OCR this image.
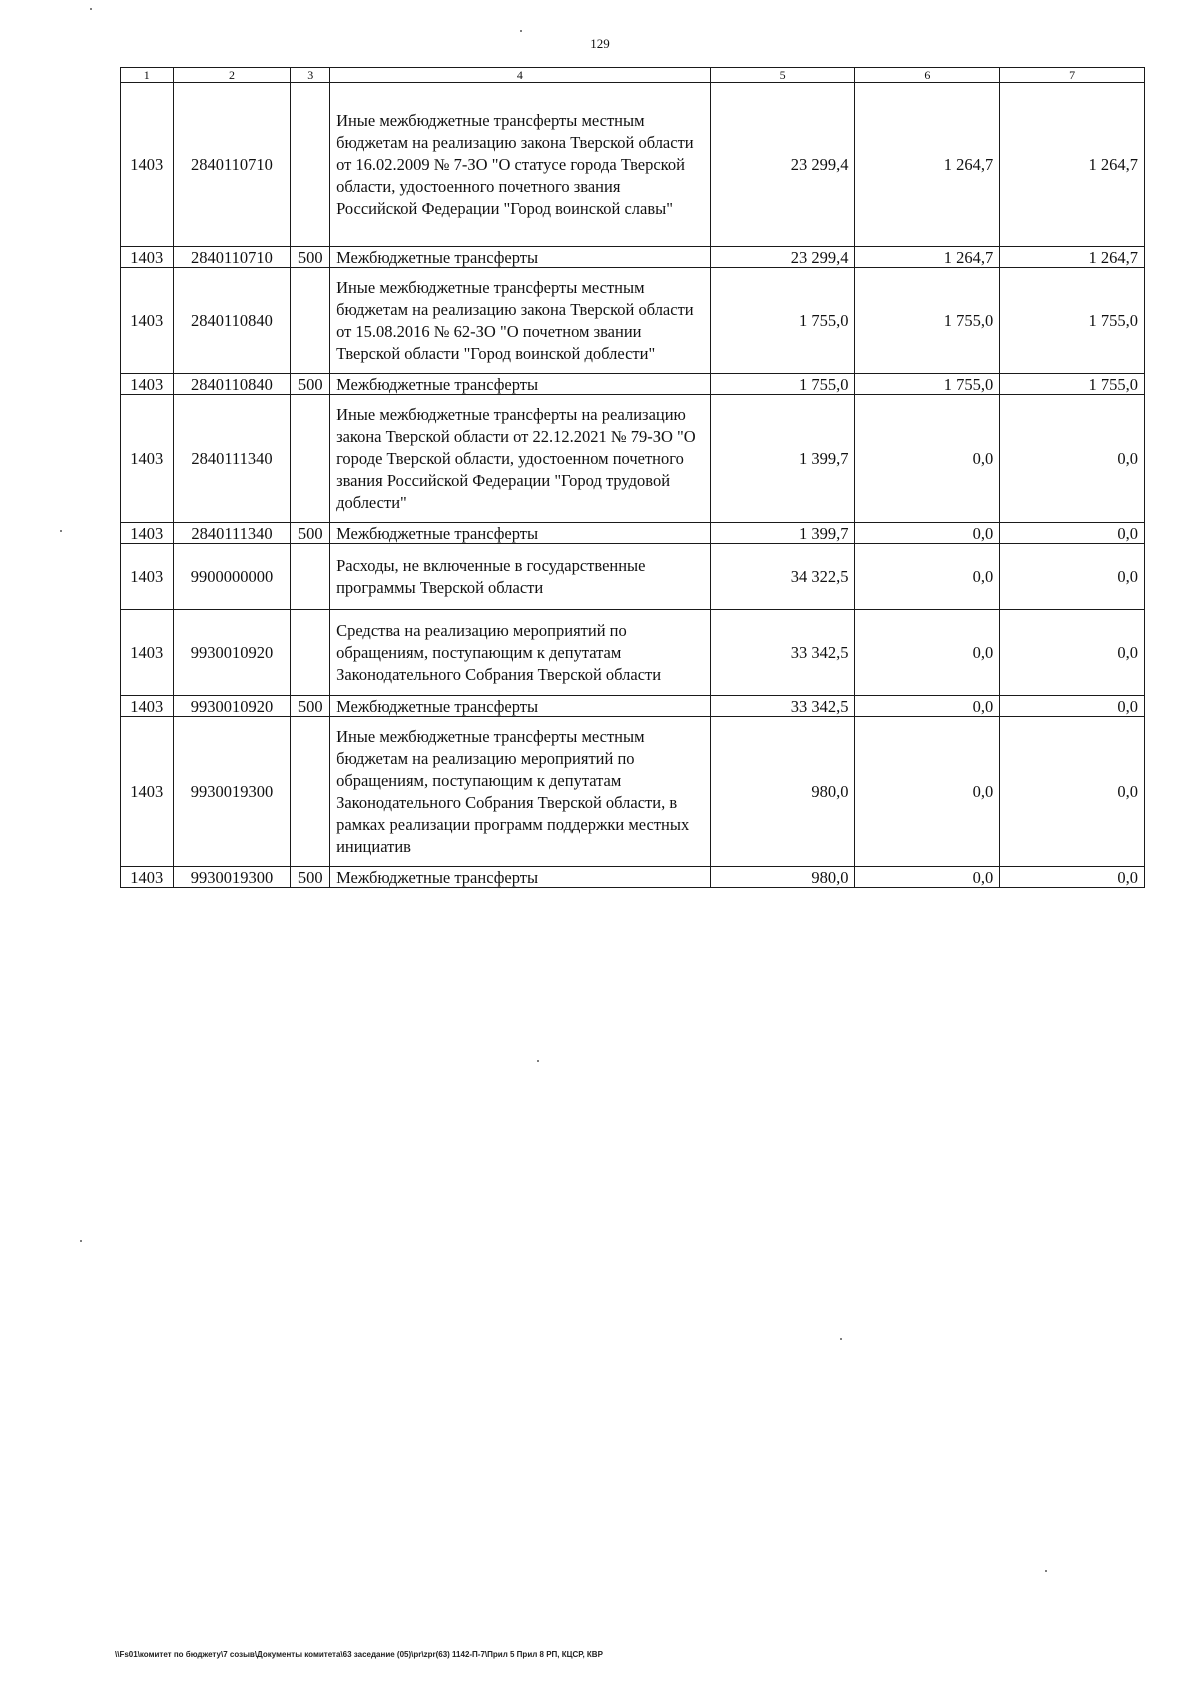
129
1	2	3	4	5	6	7
1403	2840110710		Иные межбюджетные трансферты местным бюджетам на реализацию закона Тверской области от 16.02.2009 № 7-ЗО "О статусе города Тверской области, удостоенного почетного звания Российской Федерации "Город воинской славы"	23 299,4	1 264,7	1 264,7
1403	2840110710	500	Межбюджетные трансферты	23 299,4	1 264,7	1 264,7
1403	2840110840		Иные межбюджетные трансферты местным бюджетам на реализацию закона Тверской области от 15.08.2016 № 62-ЗО "О почетном звании Тверской области "Город воинской доблести"	1 755,0	1 755,0	1 755,0
1403	2840110840	500	Межбюджетные трансферты	1 755,0	1 755,0	1 755,0
1403	2840111340		Иные межбюджетные трансферты на реализацию закона Тверской области от 22.12.2021 № 79-ЗО "О городе Тверской области, удостоенном почетного звания Российской Федерации "Город трудовой доблести"	1 399,7	0,0	0,0
1403	2840111340	500	Межбюджетные трансферты	1 399,7	0,0	0,0
1403	9900000000		Расходы, не включенные в государственные программы Тверской области	34 322,5	0,0	0,0
1403	9930010920		Средства на реализацию мероприятий по обращениям, поступающим к депутатам Законодательного Собрания Тверской области	33 342,5	0,0	0,0
1403	9930010920	500	Межбюджетные трансферты	33 342,5	0,0	0,0
1403	9930019300		Иные межбюджетные трансферты местным бюджетам на реализацию мероприятий по обращениям, поступающим к депутатам Законодательного Собрания Тверской области, в рамках реализации программ поддержки местных инициатив	980,0	0,0	0,0
1403	9930019300	500	Межбюджетные трансферты	980,0	0,0	0,0
\\Fs01\комитет по бюджету\7 созыв\Документы комитета\63 заседание (05)\pr\zpr(63) 1142-П-7\Прил 5 Прил 8 РП, КЦСР, КВР
